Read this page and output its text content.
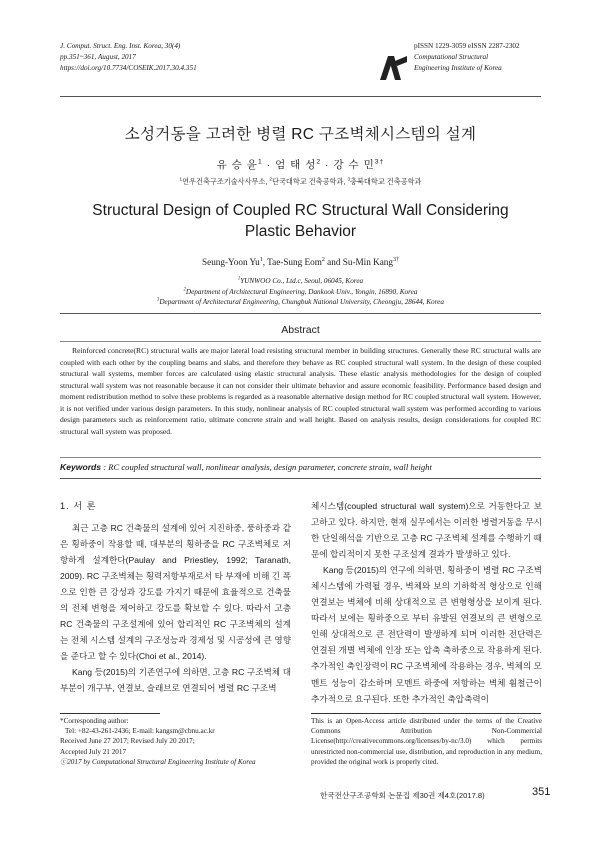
J. Comput. Struct. Eng. Inst. Korea, 30(4)
pp.351~361, August, 2017
https://doi.org/10.7734/COSEIK.2017.30.4.351
pISSN 1229-3059 eISSN 2287-2302
Computational Structural
Engineering Institute of Korea
소성거동을 고려한 병렬 RC 구조벽체시스템의 설계
유 승 윤$^1$ · 엄 태 성$^2$ · 강 수 민$^{3\dagger}$
$^1$연우건축구조기술사사무소, $^2$단국대학교 건축공학과, $^3$충북대학교 건축공학과
Structural Design of Coupled RC Structural Wall Considering
Plastic Behavior
Seung-Yoon Yu$^1$, Tae-Sung Eom$^2$ and Su-Min Kang$^{3\dagger}$
$^1$YUNWOO Co., Ltd.c, Seoul, 06045, Korea
$^2$Department of Architectural Engineering, Dankook Univ., Yongin, 16890, Korea
$^3$Department of Architectural Engineering, Chungbuk National University, Cheongju, 28644, Korea
Abstract
Reinforced concrete(RC) structural walls are major lateral load resisting structural member in building structures. Generally these RC structural walls are coupled with each other by the coupling beams and slabs, and therefore they behave as RC coupled structural wall system. In the design of these coupled structural wall systems, member forces are calculated using elastic structural analysis. These elastic analysis methodologies for the design of coupled structural wall system was not reasonable because it can not consider their ultimate behavior and assure economic feasibility. Performance based design and moment redistribution method to solve these problems is regarded as a reasonable alternative design method for RC coupled structural wall system. However, it is not verified under various design parameters. In this study, nonlinear analysis of RC coupled structural wall system was performed according to various design parameters such as reinforcement ratio, ultimate concrete strain and wall height. Based on analysis results, design considerations for coupled RC structural wall system was proposed.
Keywords : RC coupled structural wall, nonlinear analysis, design parameter, concrete strain, wall height
1. 서 론

최근 고층 RC 건축물의 설계에 있어 지진하중, 풍하중과 같은 횡하중이 작용할 때, 대부분의 횡하중을 RC 구조벽체로 저항하게 설계한다(Paulay and Priestley, 1992; Taranath, 2009). RC 구조벽체는 횡력저항부재로서 타 부재에 비해 긴 폭으로 인한 큰 강성과 강도를 가지기 때문에 효율적으로 건축물의 전체 변형을 제어하고 강도를 확보할 수 있다. 따라서 고층 RC 건축물의 구조설계에 있어 합리적인 RC 구조벽체의 설계는 전체 시스템 설계의 구조성능과 경제성 및 시공성에 큰 영향을 준다고 할 수 있다(Choi et al., 2014).

Kang 등(2015)의 기존연구에 의하면, 고층 RC 구조벽체 대부분이 개구부, 연결보, 슬래브로 연결되어 병렬 RC 구조벽

체시스템(coupled structural wall system)으로 거동한다고 보고하고 있다. 하지만, 현재 실무에서는 이러한 병렬거동을 무시한 단일해석을 기반으로 고층 RC 구조벽체 설계를 수행하기 때문에 합리적이지 못한 구조설계 결과가 발생하고 있다.

Kang 등(2015)의 연구에 의하면, 횡하중이 병렬 RC 구조벽체시스템에 가력될 경우, 벽체와 보의 기하학적 형상으로 인해 연결보는 벽체에 비해 상대적으로 큰 변형형상을 보이게 된다. 따라서 보에는 횡하중으로 부터 유발된 연결보의 큰 변형으로 인해 상대적으로 큰 전단력이 발생하게 되며 이러한 전단력은 연결된 개별 벽체에 인장 또는 압축 축하중으로 작용하게 된다. 추가적인 축인장력이 RC 구조벽체에 작용하는 경우, 벽체의 모멘트 성능이 감소하며 모멘트 하중에 저항하는 벽체 휨철근이 추가적으로 요구된다. 또한 추가적인 축압축력이

*Corresponding author:
Tel: +82-43-261-2436; E-mail: kangsm@cbnu.ac.kr
Received June 27 2017; Revised July 20 2017;
Accepted July 21 2017
ⓒ2017 by Computational Structural Engineering Institute of Korea
This is an Open-Access article distributed under the terms of the Creative Commons Attribution Non-Commercial License(http://creativecommons.org/licenses/by-nc/3.0) which permits unrestricted non-commercial use, distribution, and reproduction in any medium, provided the original work is properly cited.
한국전산구조공학회 논문집 제30권 제4호(2017.8)	351
